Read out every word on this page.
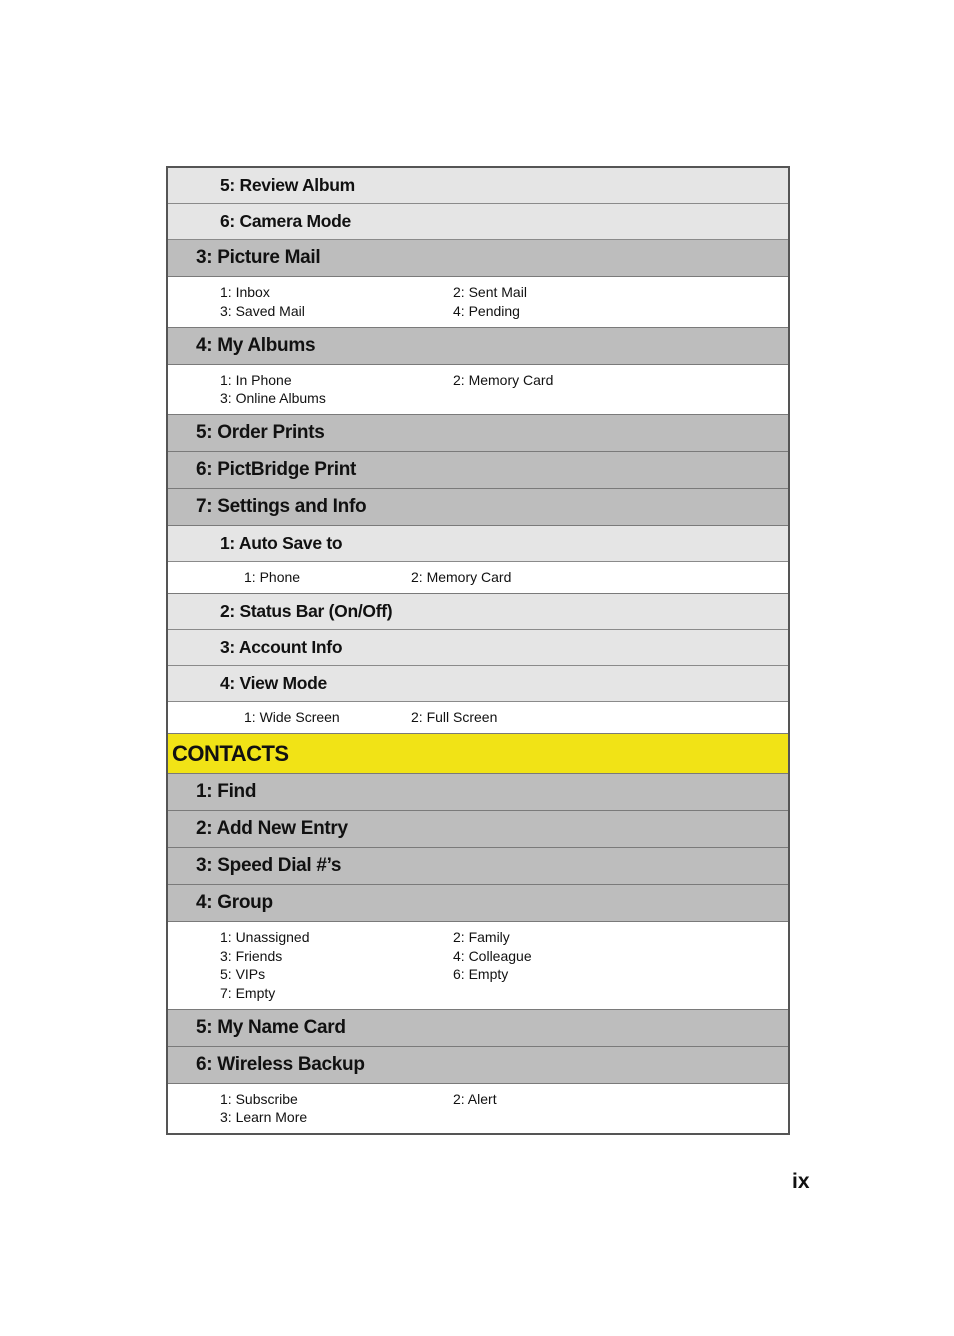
5: Review Album
6: Camera Mode
3: Picture Mail
1: Inbox	2: Sent Mail
3: Saved Mail	4: Pending
4: My Albums
1: In Phone	2: Memory Card
3: Online Albums
5: Order Prints
6: PictBridge Print
7: Settings and Info
1: Auto Save to
1: Phone	2: Memory Card
2: Status Bar (On/Off)
3: Account Info
4: View Mode
1: Wide Screen	2: Full Screen
CONTACTS
1: Find
2: Add New Entry
3: Speed Dial #’s
4: Group
1: Unassigned	2: Family
3: Friends	4: Colleague
5: VIPs	6: Empty
7: Empty
5: My Name Card
6: Wireless Backup
1: Subscribe	2: Alert
3: Learn More
ix
